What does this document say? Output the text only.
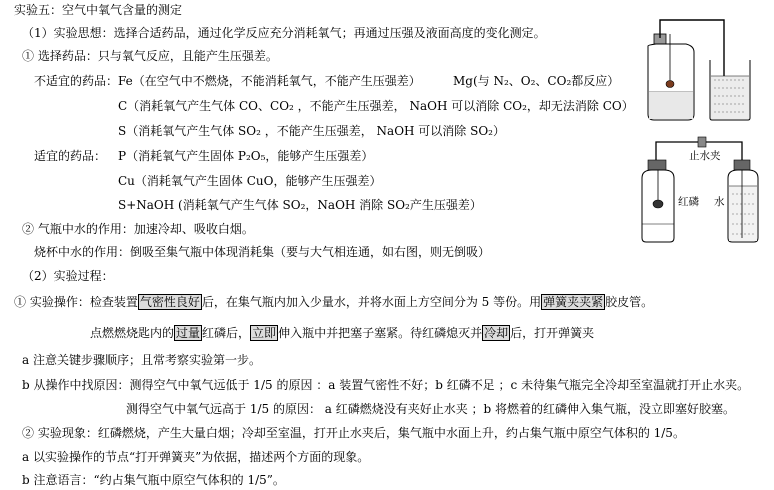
实验五：空气中氧气含量的测定
（1）实验思想：选择合适药品，通过化学反应充分消耗氧气；再通过压强及液面高度的变化测定。
① 选择药品：只与氧气反应，且能产生压强差。
不适宜的药品： Fe（在空气中不燃烧，不能消耗氧气，不能产生压强差）	Mg(与 N₂、O₂、CO₂都反应）
C（消耗氧气产生气体 CO、CO₂ ，不能产生压强差， NaOH 可以消除 CO₂，却无法消除 CO）
S（消耗氧气产生气体 SO₂ ，不能产生压强差， NaOH 可以消除 SO₂）
适宜的药品： P（消耗氧气产生固体 P₂O₅，能够产生压强差）
Cu（消耗氧气产生固体 CuO，能够产生压强差）
S+NaOH (消耗氧气产生气体 SO₂，NaOH 消除 SO₂产生压强差）
② 气瓶中水的作用：加速冷却、吸收白烟。
烧杯中水的作用：倒吸至集气瓶中体现消耗集（要与大气相连通，如右图，则无倒吸）
（2）实验过程：
① 实验操作：检查装置 气密性良好 后，在集气瓶内加入少量水，并将水面上方空间分为 5 等份。用 弹簧夹夹紧 胶皮管。
点燃燃烧匙内的 过量 红磷后， 立即 伸入瓶中并把塞子塞紧。待红磷熄灭并 冷却 后，打开弹簧夹
a 注意关键步骤顺序；且常考察实验第一步。
b 从操作中找原因：测得空气中氧气远低于 1/5 的原因 ：a 装置气密性不好；b 红磷不足 ；c 未待集气瓶完全冷却至室温就打开止水夹。
测得空气中氧气远高于 1/5 的原因： a 红磷燃烧没有夹好止水夹 ；b 将燃着的红磷伸入集气瓶，没立即塞好胶塞。
② 实验现象：红磷燃烧，产生大量白烟；冷却至室温，打开止水夹后，集气瓶中水面上升，约占集气瓶中原空气体积的 1/5。
a 以实验操作的节点“打开弹簧夹”为依据，描述两个方面的现象。
b 注意语言：“约占集气瓶中原空气体积的 1/5”。
止水夹
红磷 水
